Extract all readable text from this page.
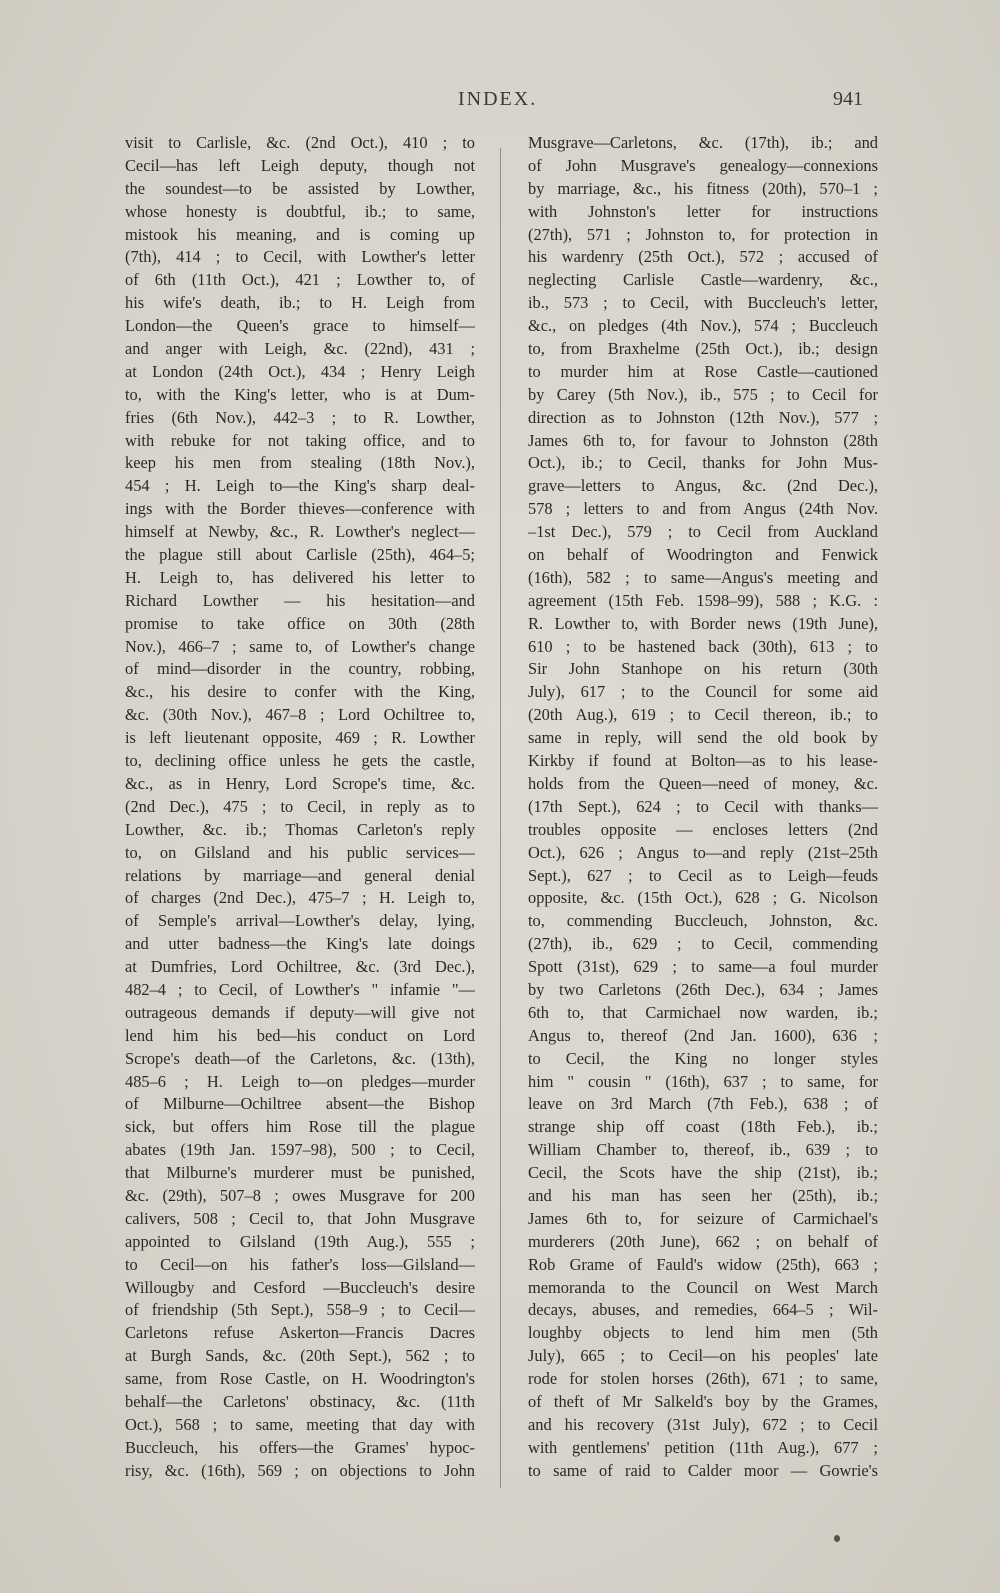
INDEX.	941
visit to Carlisle, &c. (2nd Oct.), 410 ; to
Cecil—has left Leigh deputy, though not
the soundest—to be assisted by Lowther,
whose honesty is doubtful, ib.; to same,
mistook his meaning, and is coming up
(7th), 414 ; to Cecil, with Lowther's letter
of 6th (11th Oct.), 421 ; Lowther to, of
his wife's death, ib.; to H. Leigh from
London—the Queen's grace to himself—
and anger with Leigh, &c. (22nd), 431 ;
at London (24th Oct.), 434 ; Henry Leigh
to, with the King's letter, who is at Dum-
fries (6th Nov.), 442–3 ; to R. Lowther,
with rebuke for not taking office, and to
keep his men from stealing (18th Nov.),
454 ; H. Leigh to—the King's sharp deal-
ings with the Border thieves—conference with
himself at Newby, &c., R. Lowther's neglect—
the plague still about Carlisle (25th), 464–5;
H. Leigh to, has delivered his letter to
Richard Lowther — his hesitation—and
promise to take office on 30th (28th
Nov.), 466–7 ; same to, of Lowther's change
of mind—disorder in the country, robbing,
&c., his desire to confer with the King,
&c. (30th Nov.), 467–8 ; Lord Ochiltree to,
is left lieutenant opposite, 469 ; R. Lowther
to, declining office unless he gets the castle,
&c., as in Henry, Lord Scrope's time, &c.
(2nd Dec.), 475 ; to Cecil, in reply as to
Lowther, &c. ib.; Thomas Carleton's reply
to, on Gilsland and his public services—
relations by marriage—and general denial
of charges (2nd Dec.), 475–7 ; H. Leigh to,
of Semple's arrival—Lowther's delay, lying,
and utter badness—the King's late doings
at Dumfries, Lord Ochiltree, &c. (3rd Dec.),
482–4 ; to Cecil, of Lowther's " infamie "—
outrageous demands if deputy—will give not
lend him his bed—his conduct on Lord
Scrope's death—of the Carletons, &c. (13th),
485–6 ; H. Leigh to—on pledges—murder
of Milburne—Ochiltree absent—the Bishop
sick, but offers him Rose till the plague
abates (19th Jan. 1597–98), 500 ; to Cecil,
that Milburne's murderer must be punished,
&c. (29th), 507–8 ; owes Musgrave for 200
calivers, 508 ; Cecil to, that John Musgrave
appointed to Gilsland (19th Aug.), 555 ;
to Cecil—on his father's loss—Gilsland—
Willougby and Cesford —Buccleuch's desire
of friendship (5th Sept.), 558–9 ; to Cecil—
Carletons refuse Askerton—Francis Dacres
at Burgh Sands, &c. (20th Sept.), 562 ; to
same, from Rose Castle, on H. Woodrington's
behalf—the Carletons' obstinacy, &c. (11th
Oct.), 568 ; to same, meeting that day with
Buccleuch, his offers—the Grames' hypoc-
risy, &c. (16th), 569 ; on objections to John
Musgrave—Carletons, &c. (17th), ib.; and
of John Musgrave's genealogy—connexions
by marriage, &c., his fitness (20th), 570–1 ;
with Johnston's letter for instructions
(27th), 571 ; Johnston to, for protection in
his wardenry (25th Oct.), 572 ; accused of
neglecting Carlisle Castle—wardenry, &c.,
ib., 573 ; to Cecil, with Buccleuch's letter,
&c., on pledges (4th Nov.), 574 ; Buccleuch
to, from Braxhelme (25th Oct.), ib.; design
to murder him at Rose Castle—cautioned
by Carey (5th Nov.), ib., 575 ; to Cecil for
direction as to Johnston (12th Nov.), 577 ;
James 6th to, for favour to Johnston (28th
Oct.), ib.; to Cecil, thanks for John Mus-
grave—letters to Angus, &c. (2nd Dec.),
578 ; letters to and from Angus (24th Nov.
–1st Dec.), 579 ; to Cecil from Auckland
on behalf of Woodrington and Fenwick
(16th), 582 ; to same—Angus's meeting and
agreement (15th Feb. 1598–99), 588 ; K.G. :
R. Lowther to, with Border news (19th June),
610 ; to be hastened back (30th), 613 ; to
Sir John Stanhope on his return (30th
July), 617 ; to the Council for some aid
(20th Aug.), 619 ; to Cecil thereon, ib.; to
same in reply, will send the old book by
Kirkby if found at Bolton—as to his lease-
holds from the Queen—need of money, &c.
(17th Sept.), 624 ; to Cecil with thanks—
troubles opposite — encloses letters (2nd
Oct.), 626 ; Angus to—and reply (21st–25th
Sept.), 627 ; to Cecil as to Leigh—feuds
opposite, &c. (15th Oct.), 628 ; G. Nicolson
to, commending Buccleuch, Johnston, &c.
(27th), ib., 629 ; to Cecil, commending
Spott (31st), 629 ; to same—a foul murder
by two Carletons (26th Dec.), 634 ; James
6th to, that Carmichael now warden, ib.;
Angus to, thereof (2nd Jan. 1600), 636 ;
to Cecil, the King no longer styles
him " cousin " (16th), 637 ; to same, for
leave on 3rd March (7th Feb.), 638 ; of
strange ship off coast (18th Feb.), ib.;
William Chamber to, thereof, ib., 639 ; to
Cecil, the Scots have the ship (21st), ib.;
and his man has seen her (25th), ib.;
James 6th to, for seizure of Carmichael's
murderers (20th June), 662 ; on behalf of
Rob Grame of Fauld's widow (25th), 663 ;
memoranda to the Council on West March
decays, abuses, and remedies, 664–5 ; Wil-
loughby objects to lend him men (5th
July), 665 ; to Cecil—on his peoples' late
rode for stolen horses (26th), 671 ; to same,
of theft of Mr Salkeld's boy by the Grames,
and his recovery (31st July), 672 ; to Cecil
with gentlemens' petition (11th Aug.), 677 ;
to same of raid to Calder moor — Gowrie's
